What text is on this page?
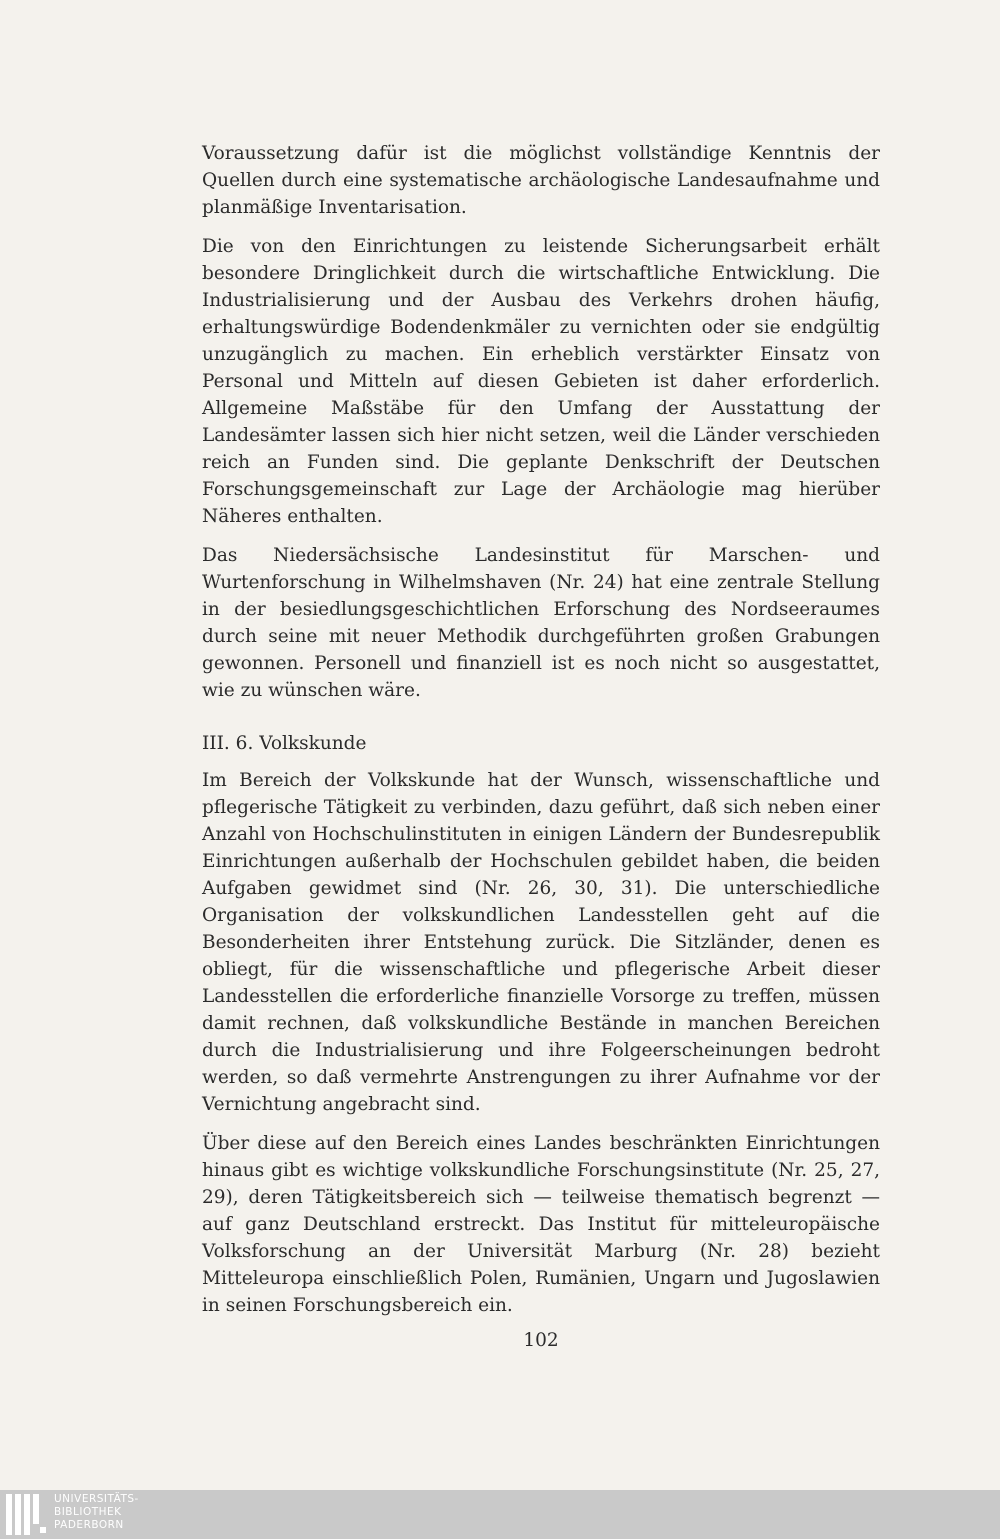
Voraussetzung dafür ist die möglichst vollständige Kenntnis der Quellen durch eine systematische archäologische Landesaufnahme und planmäßige Inventarisation.

Die von den Einrichtungen zu leistende Sicherungsarbeit erhält besondere Dringlichkeit durch die wirtschaftliche Entwicklung. Die Industrialisierung und der Ausbau des Verkehrs drohen häufig, erhaltungswürdige Bodendenkmäler zu vernichten oder sie endgültig unzugänglich zu machen. Ein erheblich verstärkter Einsatz von Personal und Mitteln auf diesen Gebieten ist daher erforderlich. Allgemeine Maßstäbe für den Umfang der Ausstattung der Landesämter lassen sich hier nicht setzen, weil die Länder verschieden reich an Funden sind. Die geplante Denkschrift der Deutschen Forschungsgemeinschaft zur Lage der Archäologie mag hierüber Näheres enthalten.

Das Niedersächsische Landesinstitut für Marschen- und Wurtenforschung in Wilhelmshaven (Nr. 24) hat eine zentrale Stellung in der besiedlungsgeschichtlichen Erforschung des Nordseeraumes durch seine mit neuer Methodik durchgeführten großen Grabungen gewonnen. Personell und finanziell ist es noch nicht so ausgestattet, wie zu wünschen wäre.

III. 6. Volkskunde

Im Bereich der Volkskunde hat der Wunsch, wissenschaftliche und pflegerische Tätigkeit zu verbinden, dazu geführt, daß sich neben einer Anzahl von Hochschulinstituten in einigen Ländern der Bundesrepublik Einrichtungen außerhalb der Hochschulen gebildet haben, die beiden Aufgaben gewidmet sind (Nr. 26, 30, 31). Die unterschiedliche Organisation der volkskundlichen Landesstellen geht auf die Besonderheiten ihrer Entstehung zurück. Die Sitzländer, denen es obliegt, für die wissenschaftliche und pflegerische Arbeit dieser Landesstellen die erforderliche finanzielle Vorsorge zu treffen, müssen damit rechnen, daß volkskundliche Bestände in manchen Bereichen durch die Industrialisierung und ihre Folgeerscheinungen bedroht werden, so daß vermehrte Anstrengungen zu ihrer Aufnahme vor der Vernichtung angebracht sind.

Über diese auf den Bereich eines Landes beschränkten Einrichtungen hinaus gibt es wichtige volkskundliche Forschungsinstitute (Nr. 25, 27, 29), deren Tätigkeitsbereich sich — teilweise thematisch begrenzt — auf ganz Deutschland erstreckt. Das Institut für mitteleuropäische Volksforschung an der Universität Marburg (Nr. 28) bezieht Mitteleuropa einschließlich Polen, Rumänien, Ungarn und Jugoslawien in seinen Forschungsbereich ein.

102
UNIVERSITÄTS-
BIBLIOTHEK
PADERBORN
